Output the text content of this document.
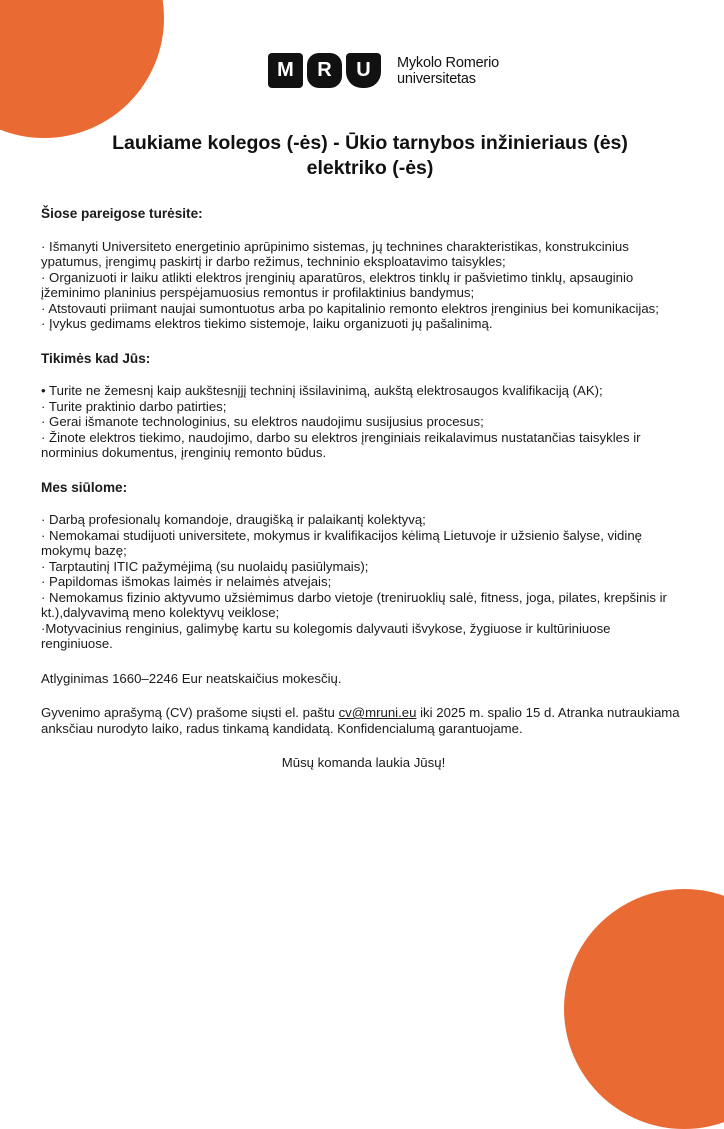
M	R	U	Mykolo Romerio
universitetas
Laukiame kolegos (-ės) - Ūkio tarnybos inžinieriaus (ės) elektriko (-ės)
Šiose pareigose turėsite:
· Išmanyti Universiteto energetinio aprūpinimo sistemas, jų technines charakteristikas, konstrukcinius ypatumus, įrengimų paskirtį ir darbo režimus, techninio eksploatavimo taisykles;
· Organizuoti ir laiku atlikti elektros įrenginių aparatūros, elektros tinklų ir pašvietimo tinklų, apsauginio įžeminimo planinius perspėjamuosius remontus ir profilaktinius bandymus;
· Atstovauti priimant naujai sumontuotus arba po kapitalinio remonto elektros įrenginius bei komunikacijas;
· Įvykus gedimams elektros tiekimo sistemoje, laiku organizuoti jų pašalinimą.
Tikimės kad Jūs:
• Turite ne žemesnį kaip aukštesnįjį techninį išsilavinimą, aukštą elektrosaugos kvalifikaciją (AK);
· Turite praktinio darbo patirties;
· Gerai išmanote technologinius, su elektros naudojimu susijusius procesus;
· Žinote elektros tiekimo, naudojimo, darbo su elektros įrenginiais reikalavimus nustatančias taisykles ir norminius dokumentus, įrenginių remonto būdus.
Mes siūlome:
· Darbą profesionalų komandoje, draugišką ir palaikantį kolektyvą;
· Nemokamai studijuoti universitete, mokymus ir kvalifikacijos kėlimą Lietuvoje ir užsienio šalyse, vidinę mokymų bazę;
· Tarptautinį ITIC pažymėjimą (su nuolaidų pasiūlymais);
· Papildomas išmokas laimės ir nelaimės atvejais;
· Nemokamus fizinio aktyvumo užsiėmimus darbo vietoje (treniruoklių salė, fitness, joga, pilates, krepšinis ir kt.),dalyvavimą meno kolektyvų veiklose;
·Motyvacinius renginius, galimybę kartu su kolegomis dalyvauti išvykose, žygiuose ir kultūriniuose renginiuose.

Atlyginimas 1660–2246 Eur neatskaičius mokesčių.

Gyvenimo aprašymą (CV) prašome siųsti el. paštu cv@mruni.eu iki 2025 m. spalio 15 d. Atranka nutraukiama anksčiau nurodyto laiko, radus tinkamą kandidatą. Konfidencialumą garantuojame.

Mūsų komanda laukia Jūsų!
